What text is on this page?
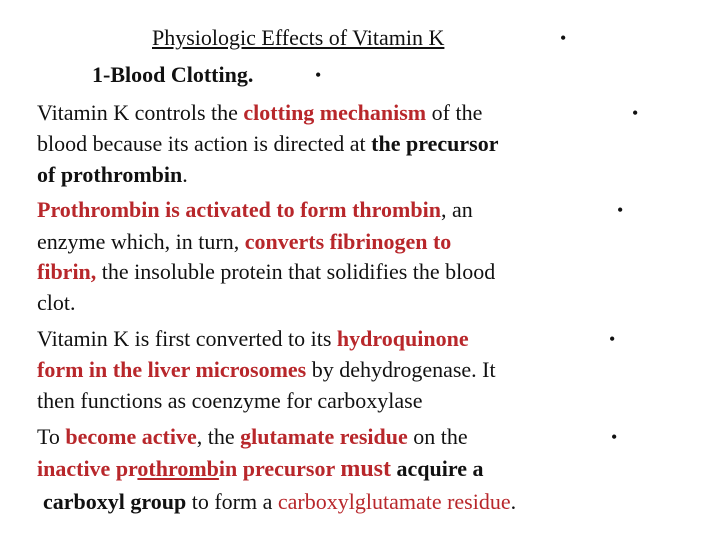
Physiologic Effects of Vitamin K	•
1-Blood Clotting.	•
Vitamin K controls the clotting mechanism of the	•
blood because its action is directed at the precursor
of prothrombin.
Prothrombin is activated to form thrombin, an	•
enzyme which, in turn, converts fibrinogen to
fibrin, the insoluble protein that solidifies the blood
clot.
Vitamin K is first converted to its hydroquinone	•
form in the liver microsomes by dehydrogenase. It
then functions as coenzyme for carboxylase
To become active, the glutamate residue on the	•
inactive prothrombin precursor must acquire a
carboxyl group to form a carboxylglutamate residue.
